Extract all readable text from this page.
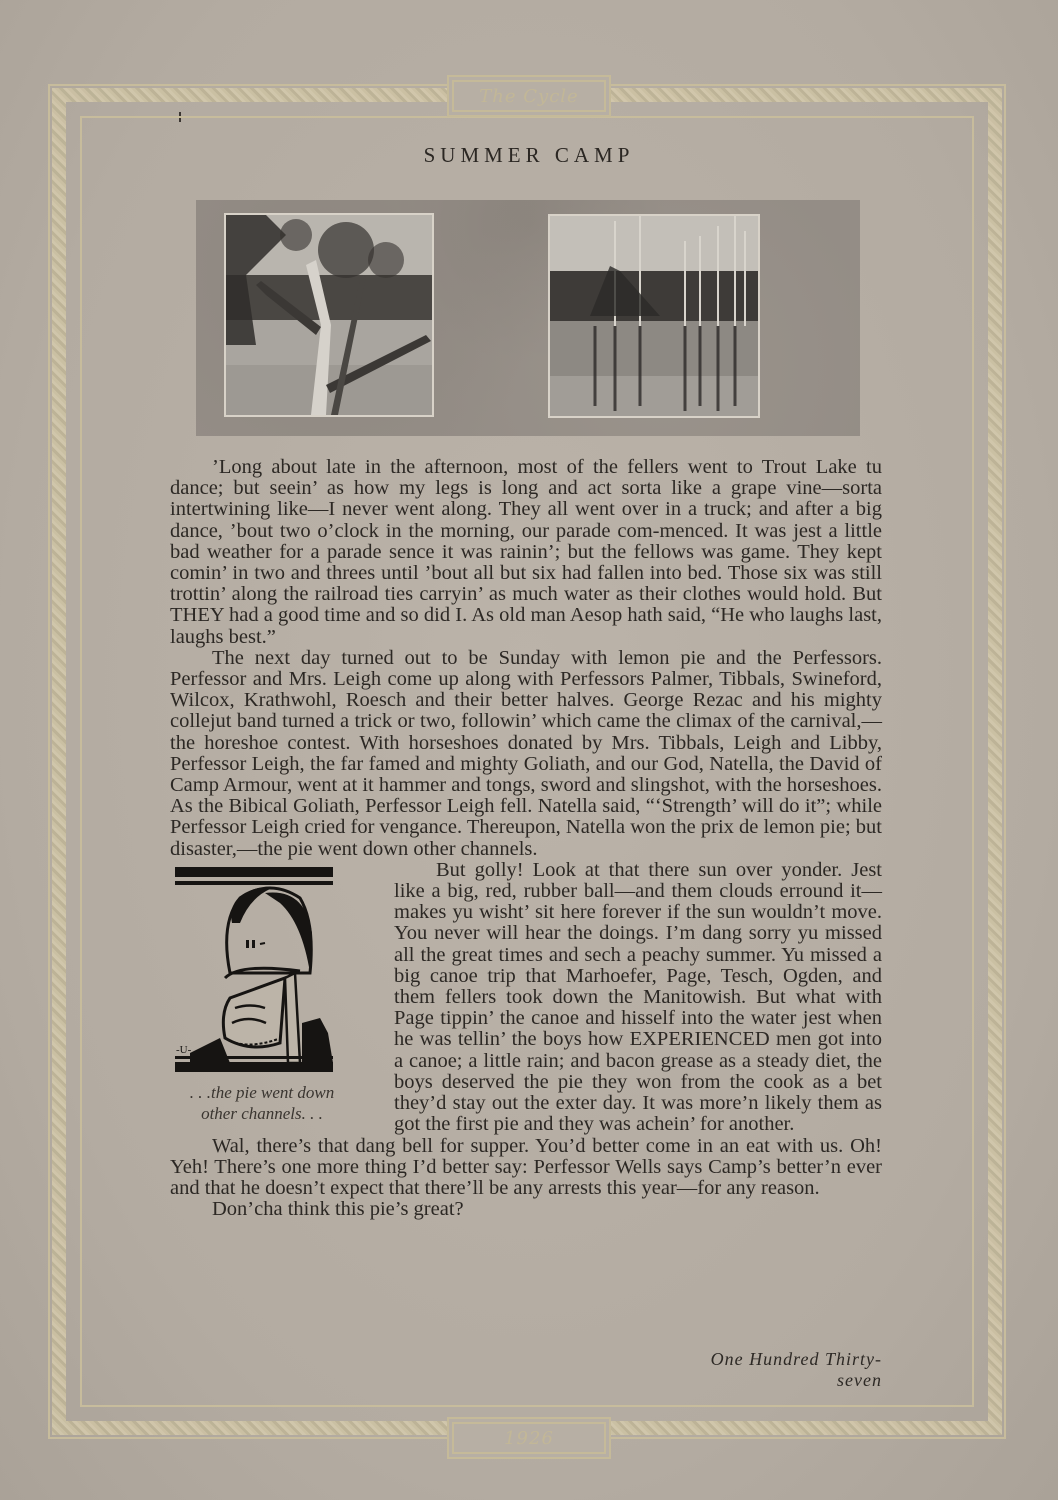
The Cycle
1926
SUMMER CAMP

’Long about late in the afternoon, most of the fellers went to Trout Lake tu dance; but seein’ as how my legs is long and act sorta like a grape vine—sorta intertwining like—I never went along. They all went over in a truck; and after a big dance, ’bout two o’clock in the morning, our parade com-menced. It was jest a little bad weather for a parade sence it was rainin’; but the fellows was game. They kept comin’ in two and threes until ’bout all but six had fallen into bed. Those six was still trottin’ along the railroad ties carryin’ as much water as their clothes would hold. But THEY had a good time and so did I. As old man Aesop hath said, “He who laughs last, laughs best.”

The next day turned out to be Sunday with lemon pie and the Perfessors. Perfessor and Mrs. Leigh come up along with Perfessors Palmer, Tibbals, Swineford, Wilcox, Krathwohl, Roesch and their better halves. George Rezac and his mighty collejut band turned a trick or two, followin’ which came the climax of the carnival,—the horeshoe contest. With horseshoes donated by Mrs. Tibbals, Leigh and Libby, Perfessor Leigh, the far famed and mighty Goliath, and our God, Natella, the David of Camp Armour, went at it hammer and tongs, sword and slingshot, with the horseshoes. As the Bibical Goliath, Perfessor Leigh fell. Natella said, “‘Strength’ will do it”; while Perfessor Leigh cried for vengance. Thereupon, Natella won the prix de lemon pie; but disaster,—the pie went down other channels.

-U-
. . .the pie went down
other channels. . .

But golly! Look at that there sun over yonder. Jest like a big, red, rubber ball—and them clouds erround it—makes yu wisht’ sit here forever if the sun wouldn’t move. You never will hear the doings. I’m dang sorry yu missed all the great times and sech a peachy summer. Yu missed a big canoe trip that Marhoefer, Page, Tesch, Ogden, and them fellers took down the Manitowish. But what with Page tippin’ the canoe and hisself into the water jest when he was tellin’ the boys how EXPERIENCED men got into a canoe; a little rain; and bacon grease as a steady diet, the boys deserved the pie they won from the cook as a bet they’d stay out the exter day. It was more’n likely them as got the first pie and they was achein’ for another.

Wal, there’s that dang bell for supper. You’d better come in an eat with us. Oh! Yeh! There’s one more thing I’d better say: Perfessor Wells says Camp’s better’n ever and that he doesn’t expect that there’ll be any arrests this year—for any reason.

Don’cha think this pie’s great?

One Hundred Thirty-seven
